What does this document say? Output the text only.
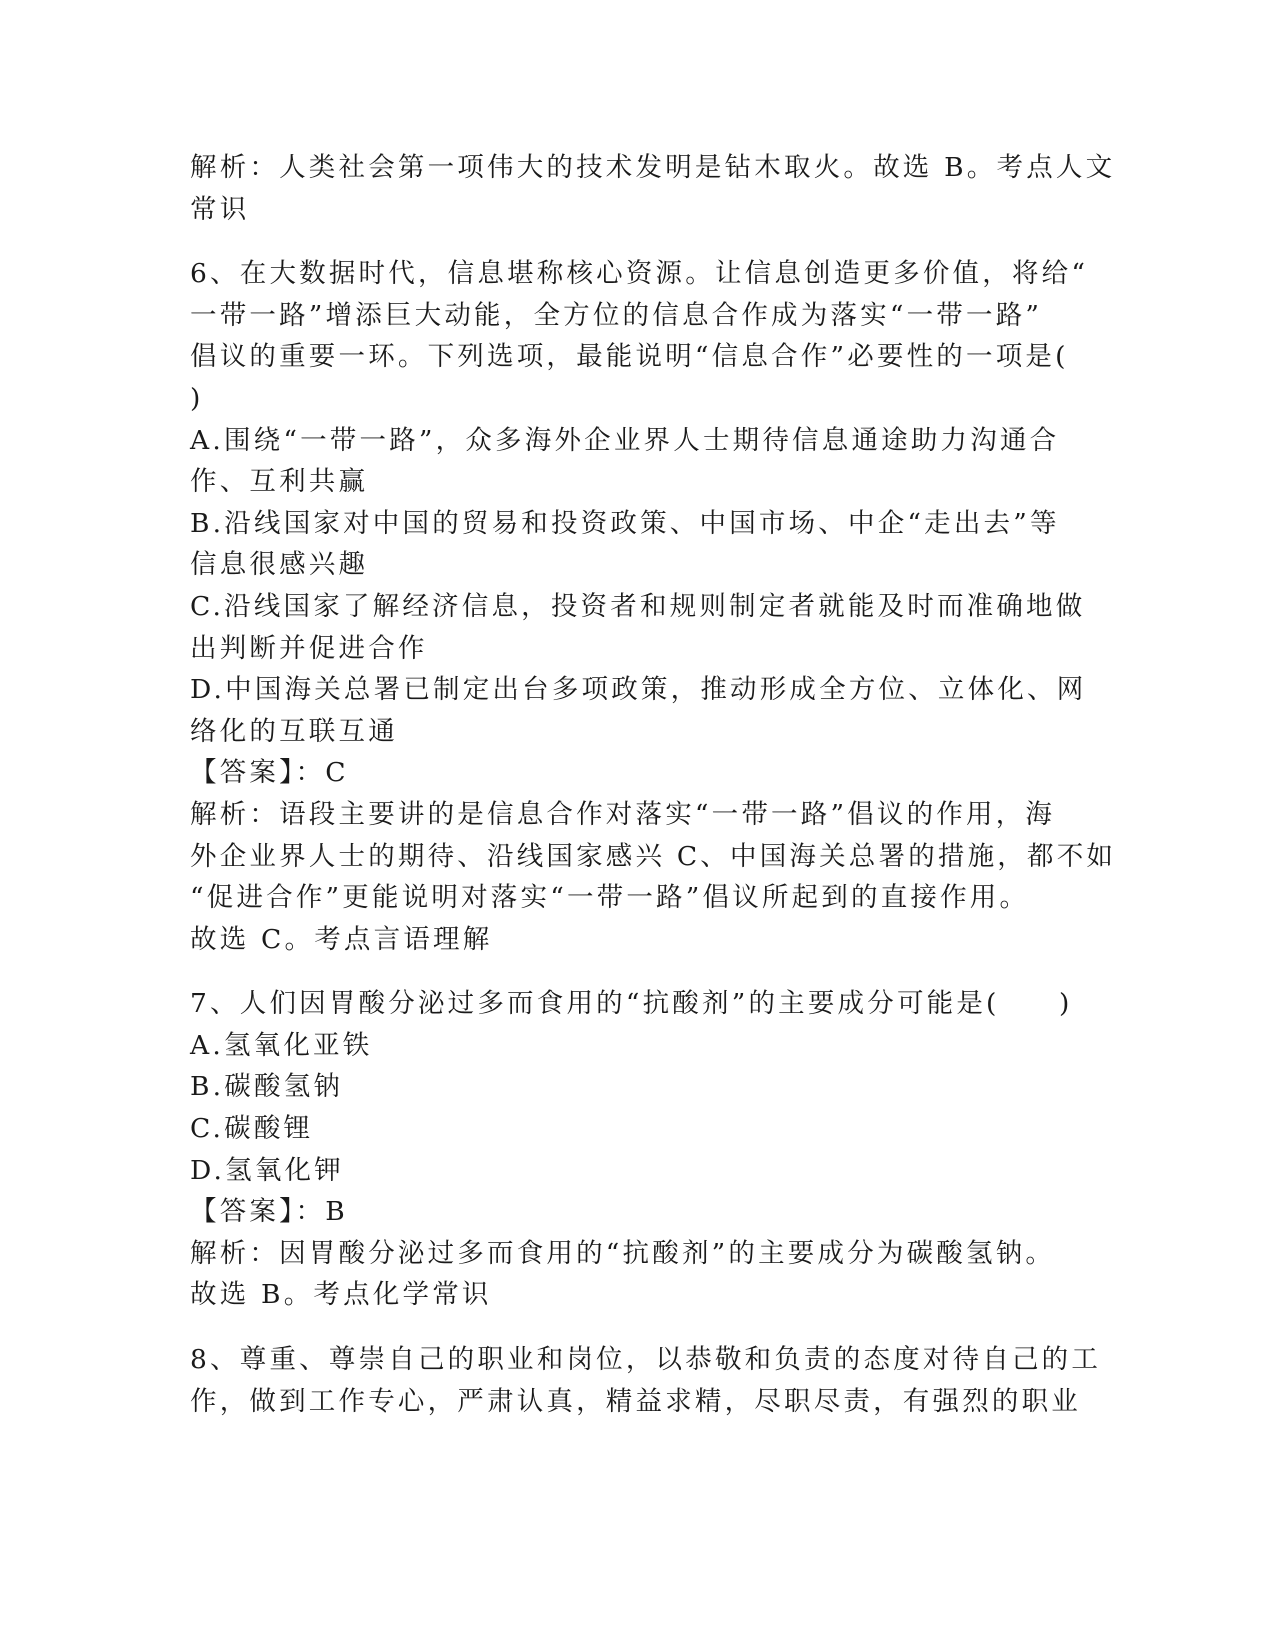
解析：人类社会第一项伟大的技术发明是钻木取火。故选 B。考点人文
常识
6、在大数据时代，信息堪称核心资源。让信息创造更多价值，将给“
一带一路”增添巨大动能，全方位的信息合作成为落实“一带一路”
倡议的重要一环。下列选项，最能说明“信息合作”必要性的一项是(
)
A.围绕“一带一路”，众多海外企业界人士期待信息通途助力沟通合
作、互利共赢
B.沿线国家对中国的贸易和投资政策、中国市场、中企“走出去”等
信息很感兴趣
C.沿线国家了解经济信息，投资者和规则制定者就能及时而准确地做
出判断并促进合作
D.中国海关总署已制定出台多项政策，推动形成全方位、立体化、网
络化的互联互通
【答案】：C
解析：语段主要讲的是信息合作对落实“一带一路”倡议的作用，海
外企业界人士的期待、沿线国家感兴 C、中国海关总署的措施，都不如
“促进合作”更能说明对落实“一带一路”倡议所起到的直接作用。
故选 C。考点言语理解
7、人们因胃酸分泌过多而食用的“抗酸剂”的主要成分可能是(　　)
A.氢氧化亚铁
B.碳酸氢钠
C.碳酸锂
D.氢氧化钾
【答案】：B
解析：因胃酸分泌过多而食用的“抗酸剂”的主要成分为碳酸氢钠。
故选 B。考点化学常识
8、尊重、尊崇自己的职业和岗位，以恭敬和负责的态度对待自己的工
作，做到工作专心，严肃认真，精益求精，尽职尽责，有强烈的职业
